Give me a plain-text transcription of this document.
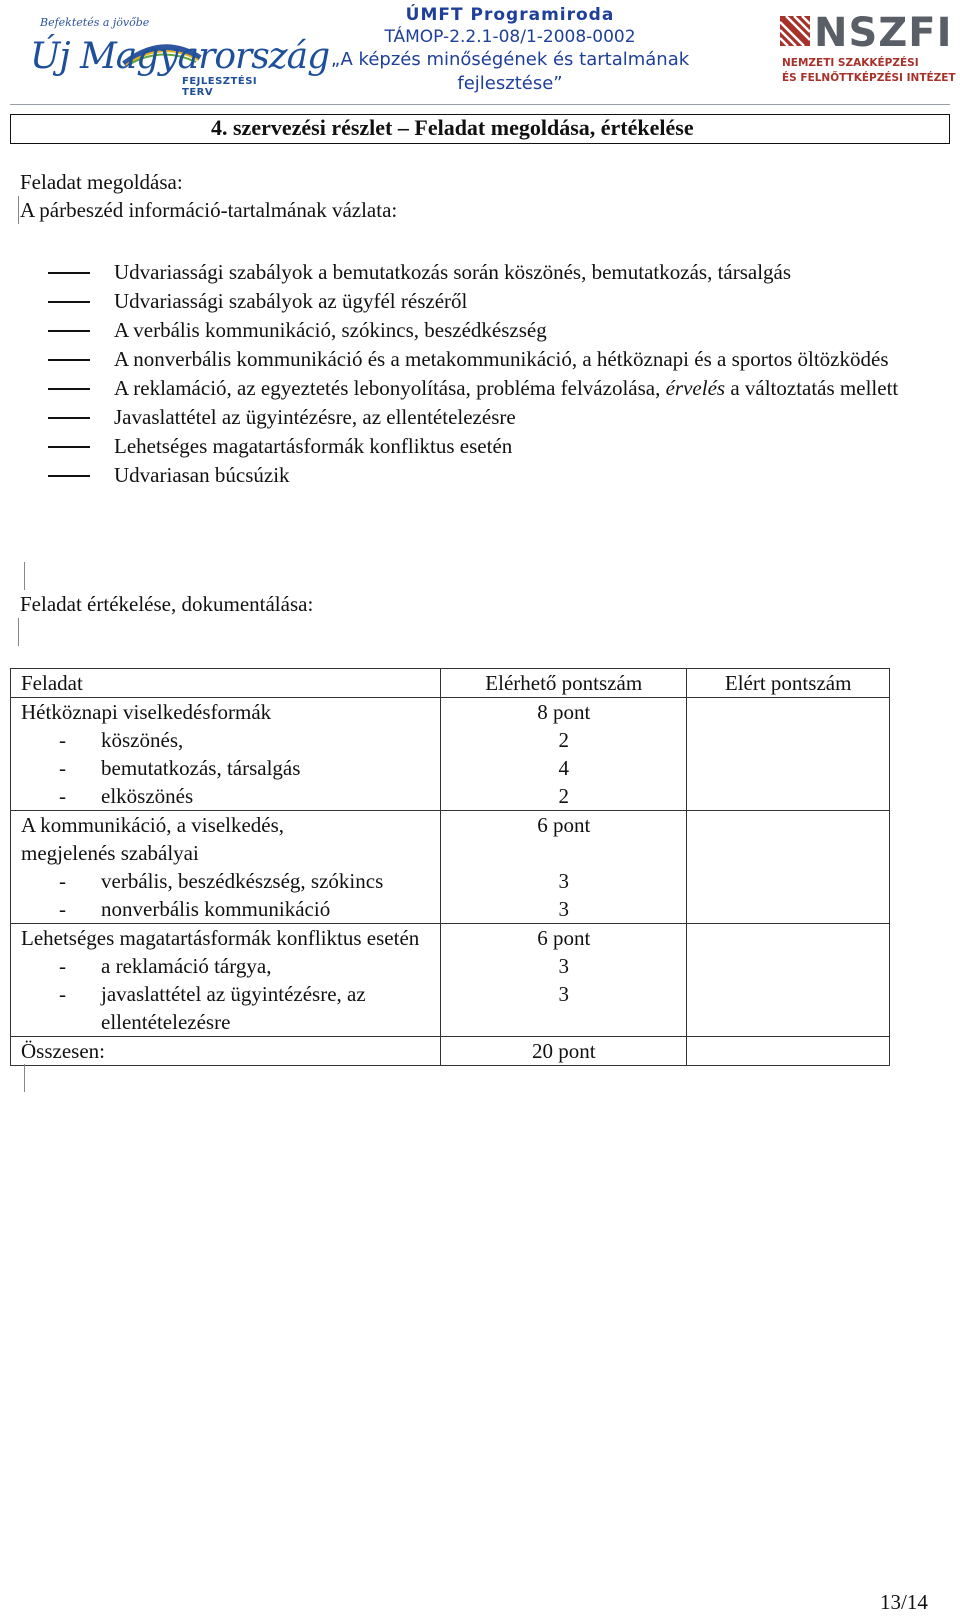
Befektetés a jövőbe
Új Magyarország
FEJLESZTÉSI TERV
ÚMFT Programiroda
TÁMOP-2.2.1-08/1-2008-0002
„A képzés minőségének és tartalmának
fejlesztése”
NSZFI
NEMZETI SZAKKÉPZÉSI
ÉS FELNŐTTKÉPZÉSI INTÉZET
4. szervezési részlet – Feladat megoldása, értékelése
Feladat megoldása:
A párbeszéd információ-tartalmának vázlata:
Udvariassági szabályok a bemutatkozás során köszönés, bemutatkozás, társalgás
Udvariassági szabályok az ügyfél részéről
A verbális kommunikáció, szókincs, beszédkészség
A nonverbális kommunikáció és a metakommunikáció, a hétköznapi és a sportos öltözködés
A reklamáció, az egyeztetés lebonyolítása, probléma felvázolása, érvelés a változtatás mellett
Javaslattétel az ügyintézésre, az ellentételezésre
Lehetséges magatartásformák konfliktus esetén
Udvariasan búcsúzik
Feladat értékelése, dokumentálása:
Feladat	Elérhető pontszám	Elért pontszám
Hétköznapi viselkedésformák	8 pont	

- köszönés,	2	

- bemutatkozás, társalgás	4	

- elköszönés	2	
A kommunikáció, a viselkedés, megjelenés szabályai	6 pont	

- verbális, beszédkészség, szókincs	3	

- nonverbális kommunikáció	3	
Lehetséges magatartásformák konfliktus esetén	6 pont	

- a reklamáció tárgya,	3	

- javaslattétel az ügyintézésre, az ellentételezésre	3	
Összesen:	20 pont	
13/14
